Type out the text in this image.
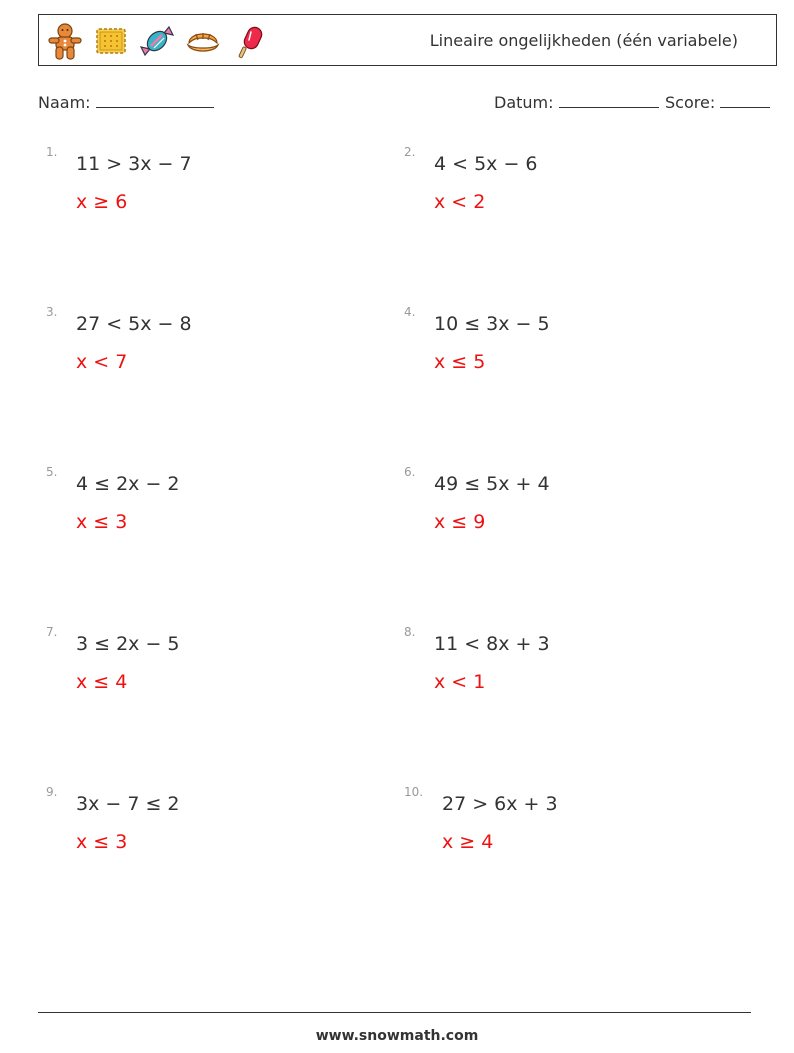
Lineaire ongelijkheden (één variabele)
Naam:	Datum:	Score:
1.
11 > 3x − 7
x ≥ 6
2.
4 < 5x − 6
x < 2
3.
27 < 5x − 8
x < 7
4.
10 ≤ 3x − 5
x ≤ 5
5.
4 ≤ 2x − 2
x ≤ 3
6.
49 ≤ 5x + 4
x ≤ 9
7.
3 ≤ 2x − 5
x ≤ 4
8.
11 < 8x + 3
x < 1
9.
3x − 7 ≤ 2
x ≤ 3
10.
27 > 6x + 3
x ≥ 4
www.snowmath.com
